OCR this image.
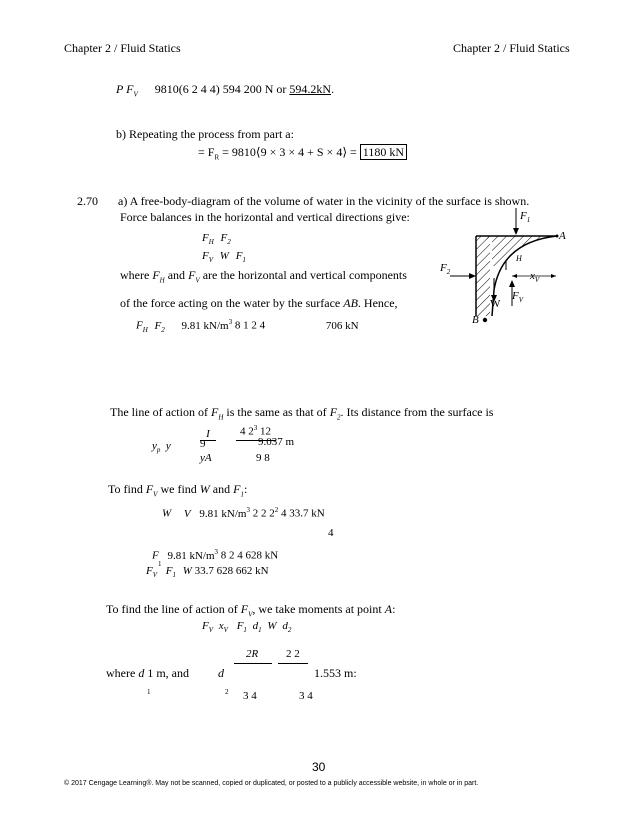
Chapter 2 / Fluid Statics	Chapter 2 / Fluid Statics
P $F_V$ 9810(6 2 4 4) 594 200 N or 594.2kN.
b) Repeating the process from part a:
= $F_R$ = 9810⟨9 × 3 × 4 + S × 4⟩ = 1180 kN
2.70 a) A free-body-diagram of the volume of water in the vicinity of the surface is shown.
Force balances in the horizontal and vertical directions give:
$F_H$ $F_2$
$F_V$ W $F_1$
where $F_H$ and $F_V$ are the horizontal and vertical components
of the force acting on the water by the surface AB. Hence,
$F_H$ $F_2$ 9.81 $kN/m^3$ 8 1 2 4	706 kN
$F_1$
A
H
$F_2$	$x_V$
W
$F_V$
B
The line of action of $F_H$ is the same as that of $F_2$. Its distance from the surface is
$y_p$ y
I
9
yA
4 $2^3$ 12
9.037 m
9 8
To find $F_V$ we find W and $F_1$:
W V 9.81 $kN/m^3$ 2 2 $2^2$ 4 33.7 kN
4
F 9.81 $kN/m^3$ 8 2 4 628 kN
1
$F_V$ $F_1$ W 33.7 628 662 kN
To find the line of action of $F_V$, we take moments at point A:
$F_V$ $x_V$ $F_1$ $d_1$ W $d_2$
where d 1 m, and d
2R
3 4
2 2
3 4
1.553 m:
1	2
30
© 2017 Cengage Learning®. May not be scanned, copied or duplicated, or posted to a publicly accessible website, in whole or in part.
